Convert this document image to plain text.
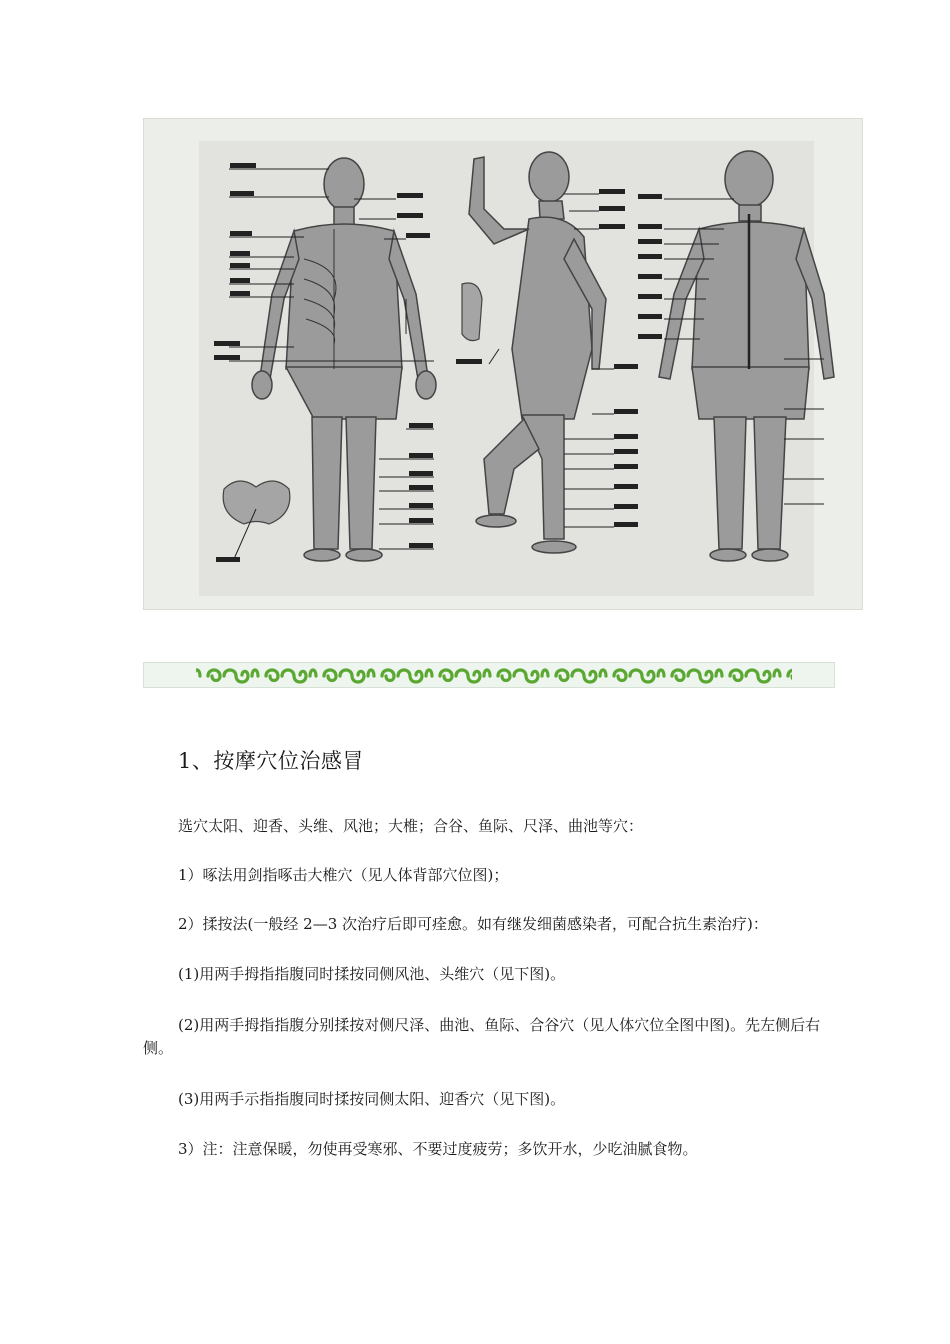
1、按摩穴位治感冒

选穴太阳、迎香、头维、风池；大椎；合谷、鱼际、尺泽、曲池等穴：

1）啄法用剑指啄击大椎穴（见人体背部穴位图)；

2）揉按法(一般经 2—3 次治疗后即可痊愈。如有继发细菌感染者，可配合抗生素治疗)：

(1)用两手拇指指腹同时揉按同侧风池、头维穴（见下图)。

(2)用两手拇指指腹分别揉按对侧尺泽、曲池、鱼际、合谷穴（见人体穴位全图中图)。先左侧后右侧。

(3)用两手示指指腹同时揉按同侧太阳、迎香穴（见下图)。

3）注：注意保暖，勿使再受寒邪、不要过度疲劳；多饮开水，少吃油腻食物。
